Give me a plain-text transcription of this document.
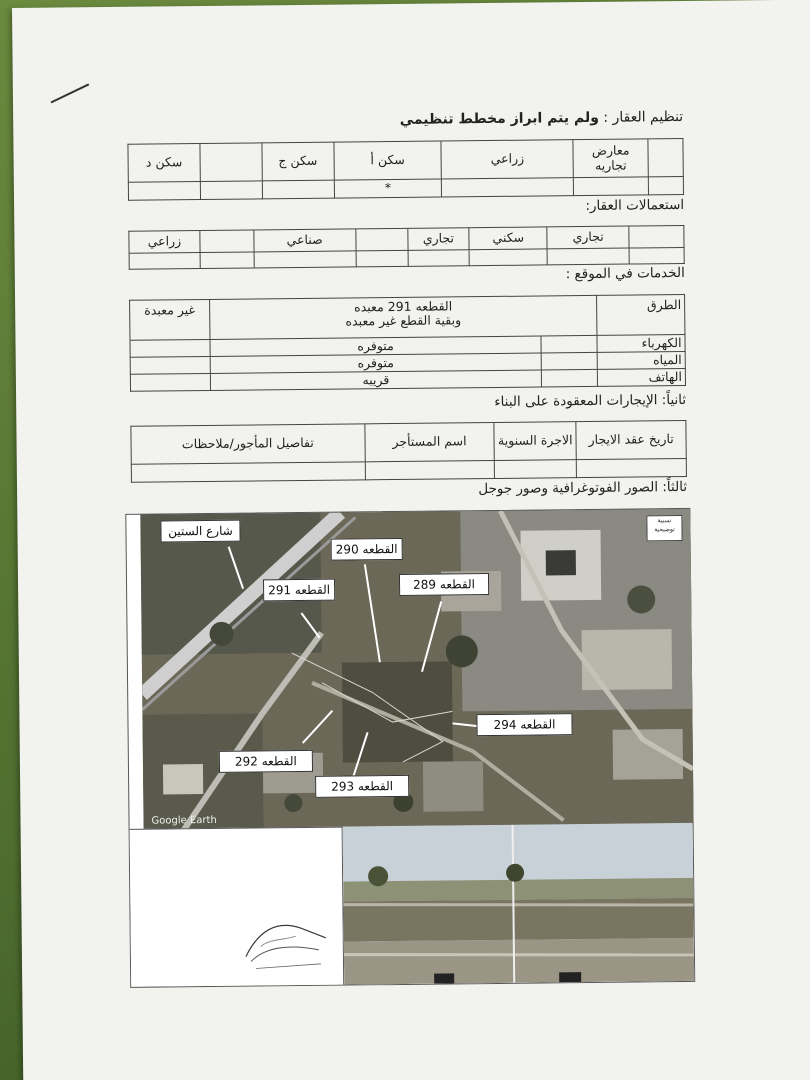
تنظيم العقار : ولم يتم ابراز مخطط تنظيمي
	معارض تجاريه	زراعي	سكن أ	سكن ج		سكن د
			*			
استعمالات العقار:
	تجاري	سكني	تجاري		صناعي		زراعي

الخدمات في الموقع :
الطرق	القطعه 291 معبده
وبقية القطع غير معبده		غير معبدة
الكهرباء		متوفره	
المياه		متوفره	
الهاتف		قريبه	
ثانياً: الإيجارات المعقودة على البناء
تاريخ عقد الايجار	الاجرة السنوية	اسم المستأجر	تفاصيل المأجور/ملاحظات

ثالثاً: الصور الفوتوغرافية وصور جوجل
شارع الستين
القطعه 290
القطعه 291	القطعه 289
القطعه 294
القطعه 292
القطعه 293
نسبية توضيحية
Google Earth
